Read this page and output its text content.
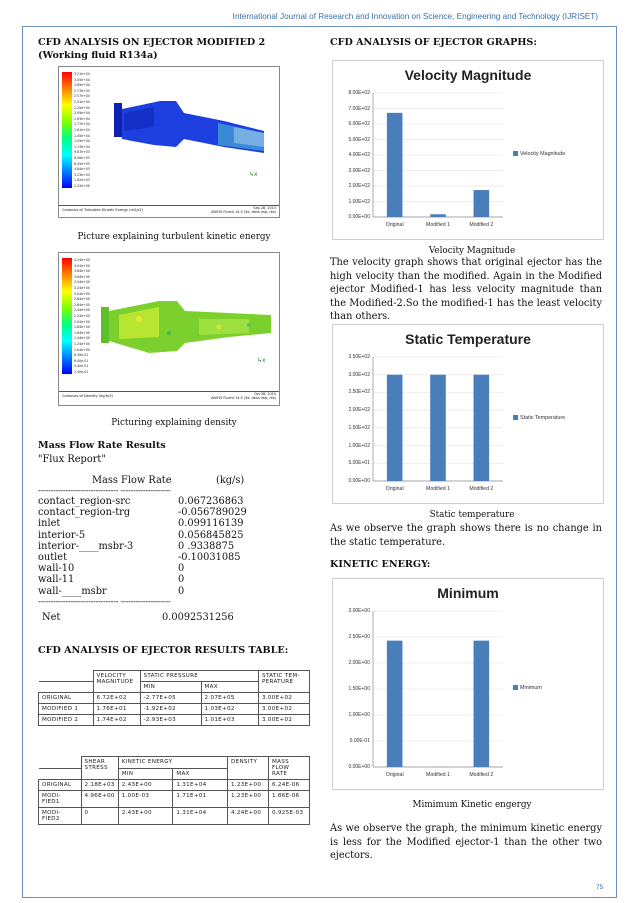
International Journal of Research and Innovation on Science, Engineering and Technology (IJRISET)
CFD ANALYSIS ON EJECTOR MODIFIED 2 (Working fluid R134a)
3.21e+04
3.05e+04
2.89e+04
2.73e+04
2.57e+04
2.41e+04
2.25e+04
2.09e+04
1.93e+04
1.77e+04
1.61e+04
1.45e+04
1.29e+04
1.13e+04
9.67e+03
8.06e+03
6.45e+03
4.84e+03
3.23e+03
1.62e+03
2.43e+00
↳x
Contours of Turbulent Kinetic Energy (m2/s2)	Sep 28, 2015
ANSYS Fluent 14.5 (3d, dbns imp, rke)
Picture explaining turbulent kinetic energy
4.24e+00
4.04e+00
3.84e+00
3.64e+00
3.44e+00
3.24e+00
3.04e+00
2.84e+00
2.64e+00
2.44e+00
2.24e+00
2.04e+00
1.84e+00
1.64e+00
1.44e+00
1.24e+00
1.04e+00
8.40e-01
6.40e-01
4.40e-01
2.40e-01
↳x
Contours of Density (kg/m3)	Oct 28, 2015
ANSYS Fluent 14.5 (3d, dbns imp, rke)
Picturing explaining density
Mass Flow Rate Results
"Flux Report"
Mass Flow Rate	(kg/s)
-------------------------------- --------------------
contact_region-src	0.067236863
contact_region-trg	-0.056789029
inlet	0.099116139
interior-5	0.056845825
interior-____msbr-3	0 .9338875
outlet	-0.10031085
wall-10	0
wall-11	0
wall-____msbr	0
-------------------------------- --------------------
Net	0.0092531256
CFD ANALYSIS OF EJECTOR RESULTS TABLE:
	VELOCITY MAGNITUDE	STATIC PRESSURE		STATIC TEM-PERATURE
		MIN	MAX	
ORIGINAL	6.72E+02	-2.77E+05	2.07E+05	3.00E+02
MODIFIED 1	1.76E+01	-1.92E+02	1.03E+02	3.00E+02
MODIFIED 2	1.74E+02	-2.93E+03	1.01E+03	3.00E+02
	SHEAR STRESS	KINETIC ENERGY		DENSITY	MASS FLOW RATE
		MIN	MAX		
ORIGINAL	2.18E+03	2.43E+00	1.31E+04	1.23E+00	6.24E-06
MODI-FIED1	4.96E+00	1.00E-03	1.71E+01	1.23E+00	1.86E-06
MODI-FIED2	0	2.43E+00	1.31E+04	4.24E+00	0.925E-03
CFD ANALYSIS OF EJECTOR GRAPHS:
Velocity Magnitude
0.00E+00
1.00E+02
2.00E+02
3.00E+02
4.00E+02
5.00E+02
6.00E+02
7.00E+02
8.00E+02
Original	Modified 1	Modified 2
Velocity Magnitude
Velocity Magnitude
The velocity graph shows that original ejector has the high velocity than the modified. Again in the Modified ejector Modified-1 has less velocity magnitude than the Modified-2.So the modified-1 has the least velocity than others.
Static Temperature
0.00E+00
5.00E+01
1.00E+02
1.50E+02
2.00E+02
2.50E+02
3.00E+02
3.50E+02
Original	Modified 1	Modified 2
Static Temperature
Static temperature
As we observe the graph shows there is no change in the static temperature.
KINETIC ENERGY:
Minimum
0.00E+00
5.00E-01
1.00E+00
1.50E+00
2.00E+00
2.50E+00
3.00E+00
Original	Modified 1	Modified 2
Minimum
Mimimum Kinetic engergy
As we observe the graph, the minimum kinetic energy is less for the Modified ejector-1 than the other two ejectors.
75
